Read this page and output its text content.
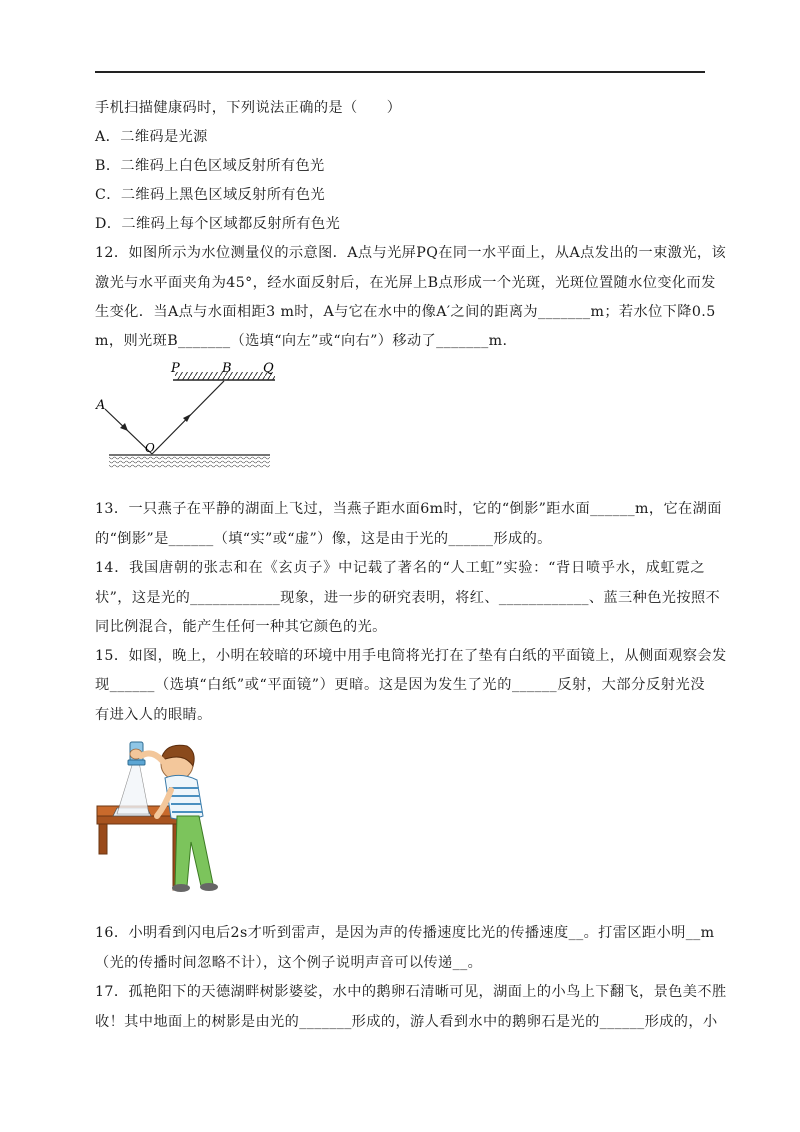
手机扫描健康码时，下列说法正确的是（　　）
A．二维码是光源
B．二维码上白色区域反射所有色光
C．二维码上黑色区域反射所有色光
D．二维码上每个区域都反射所有色光
12．如图所示为水位测量仪的示意图．A点与光屏PQ在同一水平面上，从A点发出的一束激光，该
激光与水平面夹角为45°，经水面反射后，在光屏上B点形成一个光斑，光斑位置随水位变化而发
生变化．当A点与水面相距3 m时，A与它在水中的像A′之间的距离为_______m；若水位下降0.5
m，则光斑B_______（选填“向左”或“向右”）移动了_______m.
P	B Q
A
O
13．一只燕子在平静的湖面上飞过，当燕子距水面6m时，它的“倒影”距水面______m，它在湖面
的“倒影”是______（填“实”或“虚”）像，这是由于光的______形成的。
14．我国唐朝的张志和在《玄贞子》中记载了著名的“人工虹”实验：“背日喷乎水，成虹霓之
状”，这是光的____________现象，进一步的研究表明，将红、____________、蓝三种色光按照不
同比例混合，能产生任何一种其它颜色的光。
15．如图，晚上，小明在较暗的环境中用手电筒将光打在了垫有白纸的平面镜上，从侧面观察会发
现______（选填“白纸”或“平面镜”）更暗。这是因为发生了光的______反射，大部分反射光没
有进入人的眼睛。
16．小明看到闪电后2s才听到雷声，是因为声的传播速度比光的传播速度__。打雷区距小明__m
（光的传播时间忽略不计），这个例子说明声音可以传递__。
17．孤艳阳下的天德湖畔树影婆娑，水中的鹅卵石清晰可见，湖面上的小鸟上下翻飞，景色美不胜
收！其中地面上的树影是由光的_______形成的，游人看到水中的鹅卵石是光的______形成的，小
